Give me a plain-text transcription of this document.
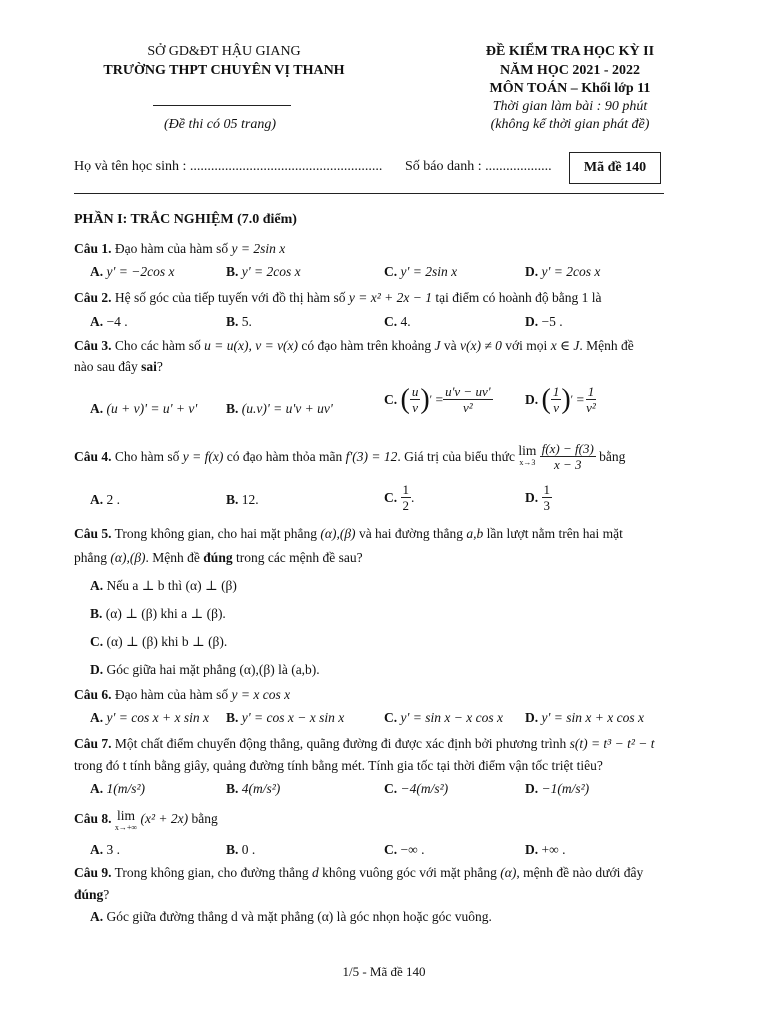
SỞ GD&ĐT HẬU GIANG
TRƯỜNG THPT CHUYÊN VỊ THANH
(Đề thi có 05 trang)
ĐỀ KIỂM TRA HỌC KỲ II
NĂM HỌC 2021 - 2022
MÔN TOÁN – Khối lớp 11
Thời gian làm bài : 90 phút
(không kể thời gian phát đề)
Họ và tên học sinh : ....................................................... Số báo danh : ................... Mã đề 140
PHẦN I: TRẮC NGHIỆM (7.0 điểm)
Câu 1. Đạo hàm của hàm số y = 2sin x
A. y' = −2cos x	B. y' = 2cos x	C. y' = 2sin x	D. y' = 2cos x
Câu 2. Hệ số góc của tiếp tuyến với đồ thị hàm số y = x² + 2x − 1 tại điểm có hoành độ bằng 1 là
A. −4 .	B. 5.	C. 4.	D. −5 .
Câu 3. Cho các hàm số u = u(x), v = v(x) có đạo hàm trên khoảng J và v(x) ≠ 0 với mọi x ∈ J. Mệnh đề
nào sau đây sai?
A. (u + v)' = u' + v' B. (u.v)' = u'v + uv'
C.
( $\frac{u}{v}$ ) ′
= $\frac{u'v - uv'}{\text{v²}} D$.
( $\frac{1}{v}$ ) ′
= $\frac{1}{\text{v²}}$
Câu 4.
Cho hàm số
y = f(x)
có đạo hàm thỏa mãn
f′(3) = 12 . Giá trị của biểu thức
lim
x→3
$\frac{f(x) - f(3)}{x - 3}$
bằng
A. 2 .	B. 12.	C.
$\frac{1}{2}$ .	D.
$\frac{1}{3}$
Câu 5. Trong không gian, cho hai mặt phẳng (α),(β) và hai đường thẳng a,b lần lượt nằm trên hai mặt
phẳng (α),(β). Mệnh đề đúng trong các mệnh đề sau?
A. Nếu a ⊥ b thì (α) ⊥ (β)
B. (α) ⊥ (β) khi a ⊥ (β).
C. (α) ⊥ (β) khi b ⊥ (β).
D. Góc giữa hai mặt phẳng (α),(β) là (a,b).
Câu 6. Đạo hàm của hàm số y = x cos x
A. y' = cos x + x sin x B. y' = cos x − x sin x	C. y' = sin x − x cos x D. y' = sin x + x cos x
Câu 7. Một chất điểm chuyển động thẳng, quãng đường đi được xác định bởi phương trình s(t) = t³ − t² − t
trong đó t tính bằng giây, quảng đường tính bằng mét. Tính gia tốc tại thời điểm vận tốc triệt tiêu?
A. 1(m/s²)	B. 4(m/s²)	C. −4(m/s²)	D. −1(m/s²)
Câu 8.
lim
x→+∞

(x² + 2x)
bằng
A. 3 .	B. 0 .	C. −∞ .	D. +∞ .
Câu 9. Trong không gian, cho đường thẳng d không vuông góc với mặt phẳng (α), mệnh đề nào dưới đây
đúng?
A. Góc giữa đường thẳng d và mặt phẳng (α) là góc nhọn hoặc góc vuông.
1/5 - Mã đề 140
